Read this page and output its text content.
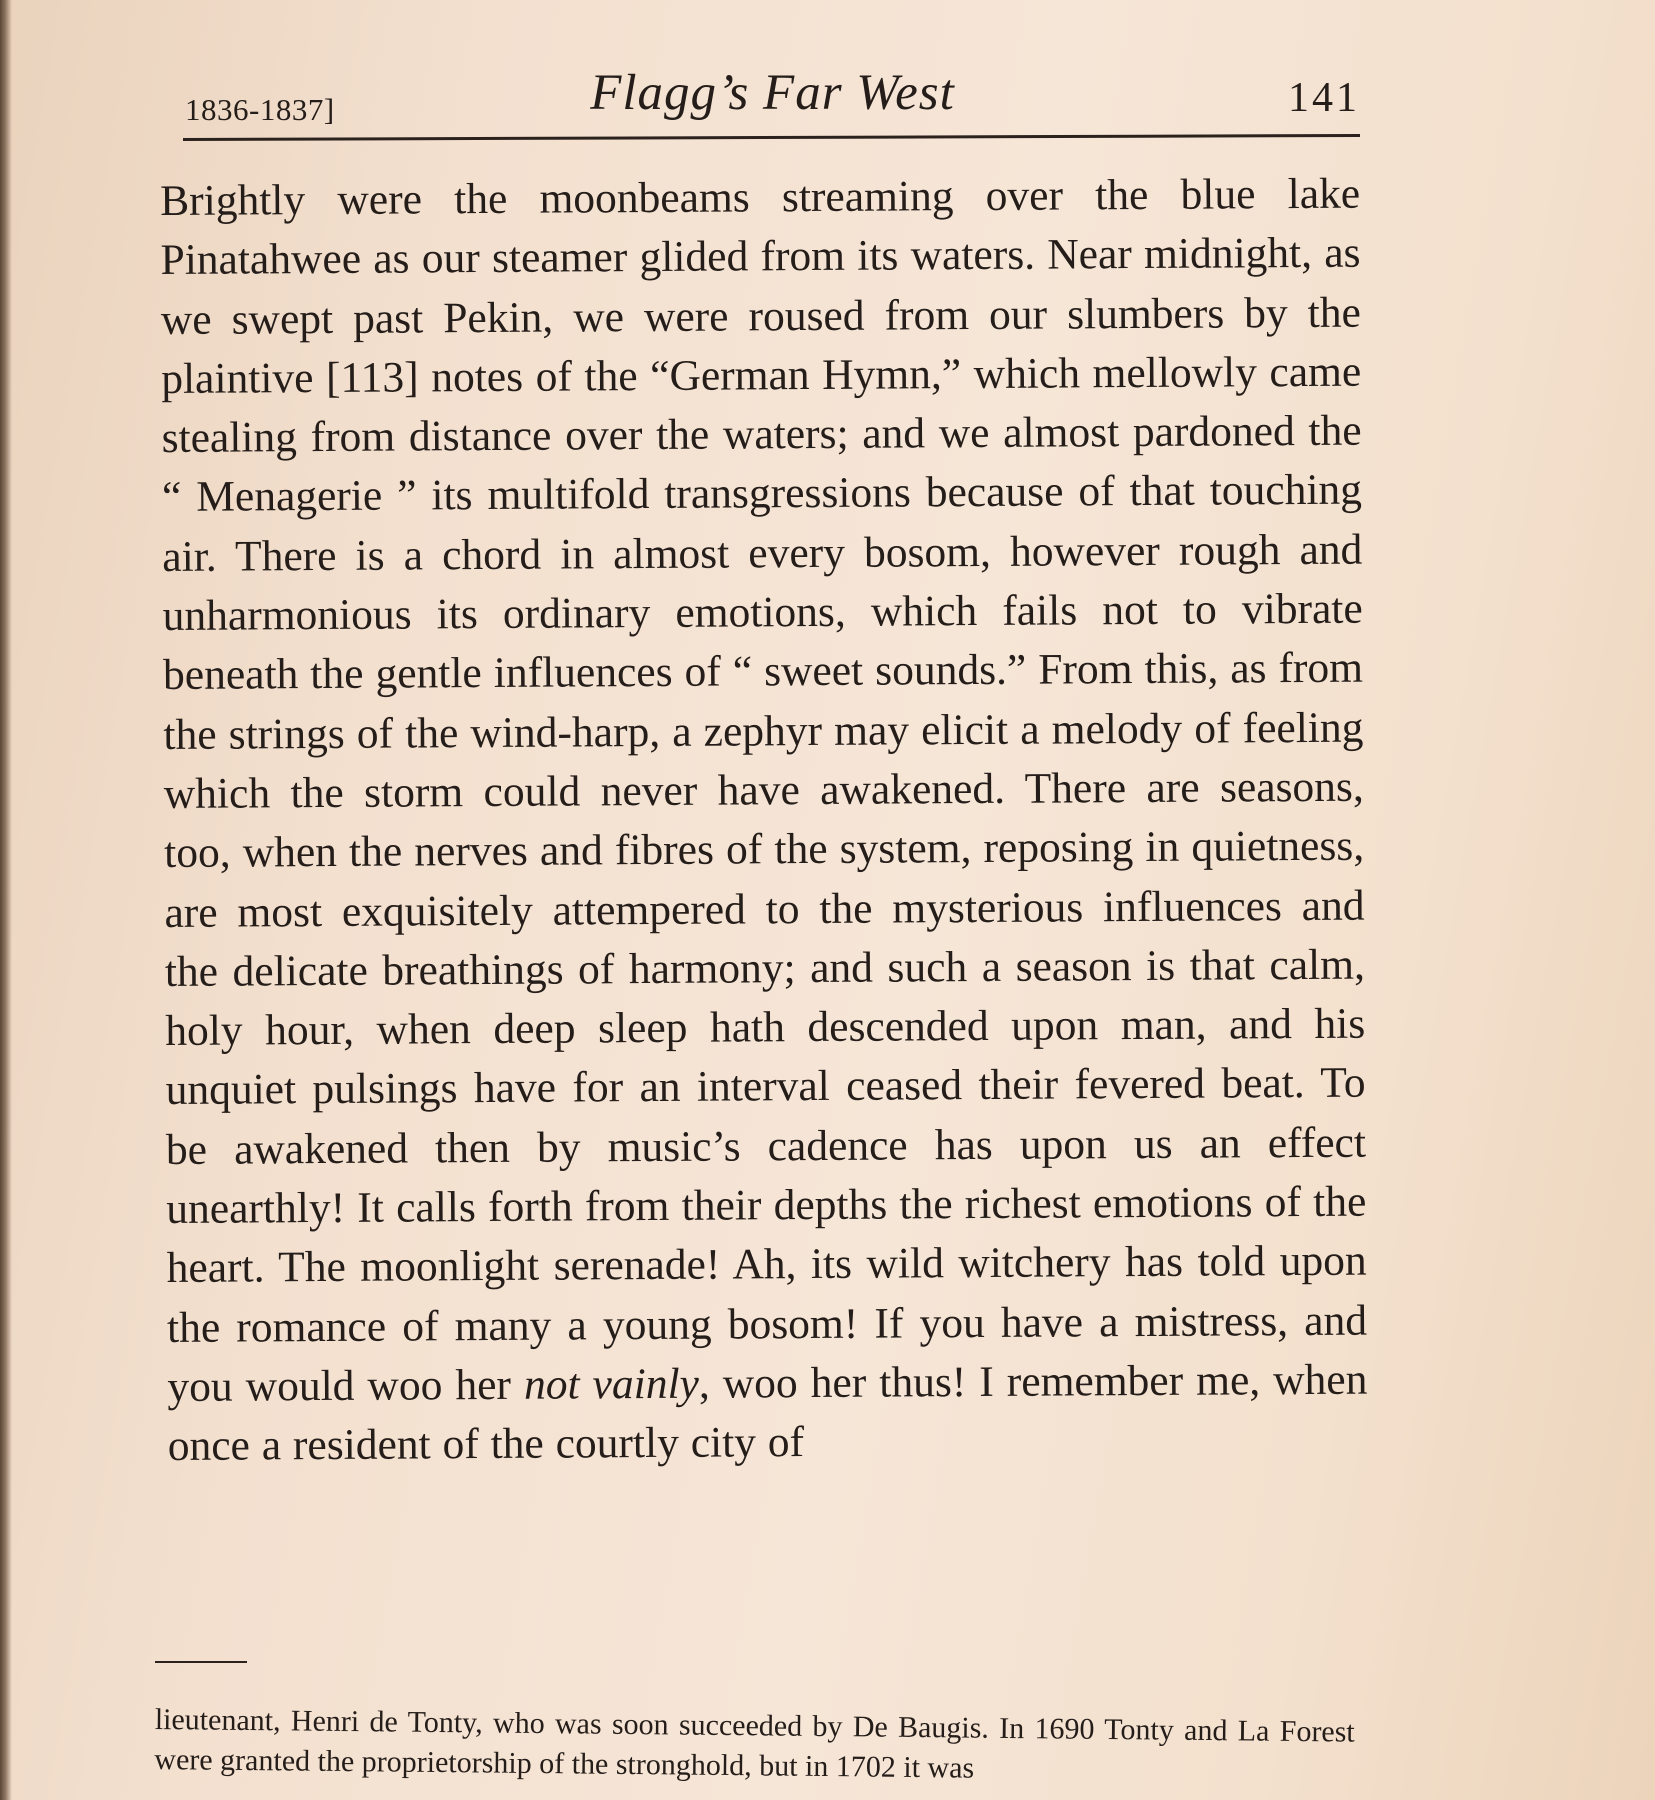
1836-1837]	Flagg’s Far West	141

Brightly were the moonbeams streaming over the blue lake Pinatahwee as our steamer glided from its waters. Near midnight, as we swept past Pekin, we were roused from our slumbers by the plaintive [113] notes of the “German Hymn,” which mellowly came stealing from distance over the waters; and we almost pardoned the “ Menagerie ” its multifold transgressions because of that touching air. There is a chord in almost every bosom, however rough and unharmonious its ordinary emotions, which fails not to vibrate beneath the gentle influences of “ sweet sounds.” From this, as from the strings of the wind-harp, a zephyr may elicit a melody of feeling which the storm could never have awakened. There are seasons, too, when the nerves and fibres of the system, reposing in quietness, are most exquisitely attempered to the mysterious influences and the delicate breathings of harmony; and such a season is that calm, holy hour, when deep sleep hath descended upon man, and his unquiet pulsings have for an interval ceased their fevered beat. To be awakened then by music’s cadence has upon us an effect unearthly! It calls forth from their depths the richest emotions of the heart. The moonlight serenade! Ah, its wild witchery has told upon the romance of many a young bosom! If you have a mistress, and you would woo her not vainly, woo her thus! I remember me, when once a resident of the courtly city of

lieutenant, Henri de Tonty, who was soon succeeded by De Baugis. In 1690 Tonty and La Forest were granted the proprietorship of the stronghold, but in 1702 it was
